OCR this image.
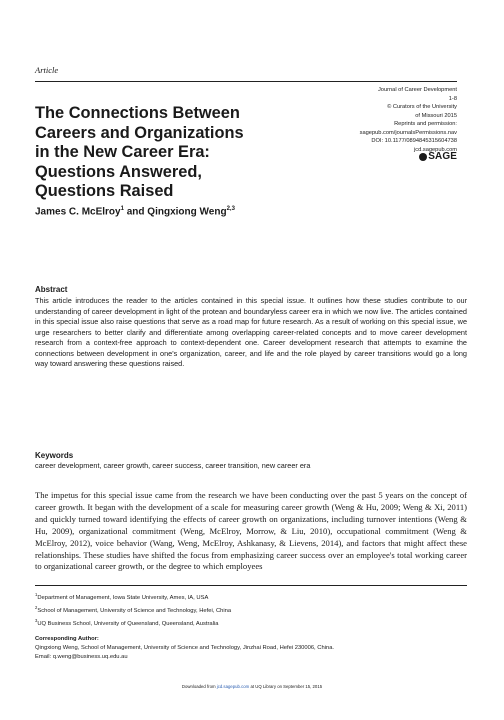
Article
The Connections Between
Careers and Organizations
in the New Career Era:
Questions Answered,
Questions Raised
Journal of Career Development
1-8
© Curators of the University
of Missouri 2015
Reprints and permission:
sagepub.com/journalsPermissions.nav
DOI: 10.1177/0894845315604738
jcd.sagepub.com
SAGE
James C. McElroy$^1$ and Qingxiong Weng$^{2,3}$
Abstract

This article introduces the reader to the articles contained in this special issue. It outlines how these studies contribute to our understanding of career development in light of the protean and boundaryless career era in which we now live. The articles contained in this special issue also raise questions that serve as a road map for future research. As a result of working on this special issue, we urge researchers to better clarify and differentiate among overlapping career-related concepts and to move career development research from a context-free approach to context-dependent one. Career development research that attempts to examine the connections between development in one's organization, career, and life and the role played by career transitions would go a long way toward answering these questions raised.

Keywords

career development, career growth, career success, career transition, new career era

The impetus for this special issue came from the research we have been conducting over the past 5 years on the concept of career growth. It began with the development of a scale for measuring career growth (Weng & Hu, 2009; Weng & Xi, 2011) and quickly turned toward identifying the effects of career growth on organizations, including turnover intentions (Weng & Hu, 2009), organizational commitment (Weng, McElroy, Morrow, & Liu, 2010), occupational commitment (Weng & McElroy, 2012), voice behavior (Wang, Weng, McElroy, Ashkanasy, & Lievens, 2014), and factors that might affect these relationships. These studies have shifted the focus from emphasizing career success over an employee's total working career to organizational career growth, or the degree to which employees

$^1$Department of Management, Iowa State University, Ames, IA, USA
$^2$School of Management, University of Science and Technology, Hefei, China
$^3$UQ Business School, University of Queensland, Queensland, Australia
Corresponding Author:
Qingxiong Weng, School of Management, University of Science and Technology, Jinzhai Road, Hefei 230006, China.
Email: q.weng@business.uq.edu.au
Downloaded from jcd.sagepub.com at UQ Library on September 15, 2015
